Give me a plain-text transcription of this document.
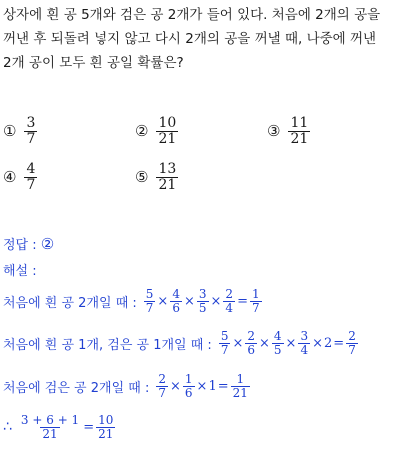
상자에 흰 공 5개와 검은 공 2개가 들어 있다. 처음에 2개의 공을
꺼낸 후 되돌려 넣지 않고 다시 2개의 공을 꺼낼 때, 나중에 꺼낸
2개 공이 모두 흰 공일 확률은?
① $\frac{3}{7}$	② $\frac{10}{21}$	③ $\frac{11}{21}$
④ $\frac{4}{7}$	⑤ $\frac{13}{21}$
정답 : ②
해설 :
처음에 흰 공 2개일 때 : $\frac{5}{7} \times \frac{4}{6} \times \frac{3}{5} \times \frac{2}{4} = \frac{1}{7}$
처음에 흰 공 1개, 검은 공 1개일 때 : $\frac{5}{7} \times \frac{2}{6} \times \frac{4}{5} \times \frac{3}{4} \times 2 = \frac{2}{7}$
처음에 검은 공 2개일 때 : $\frac{2}{7} \times \frac{1}{6} \times 1 = \frac{1}{21}$
∴ $\frac{3 + 6 + 1}{21} = \frac{10}{21}$
